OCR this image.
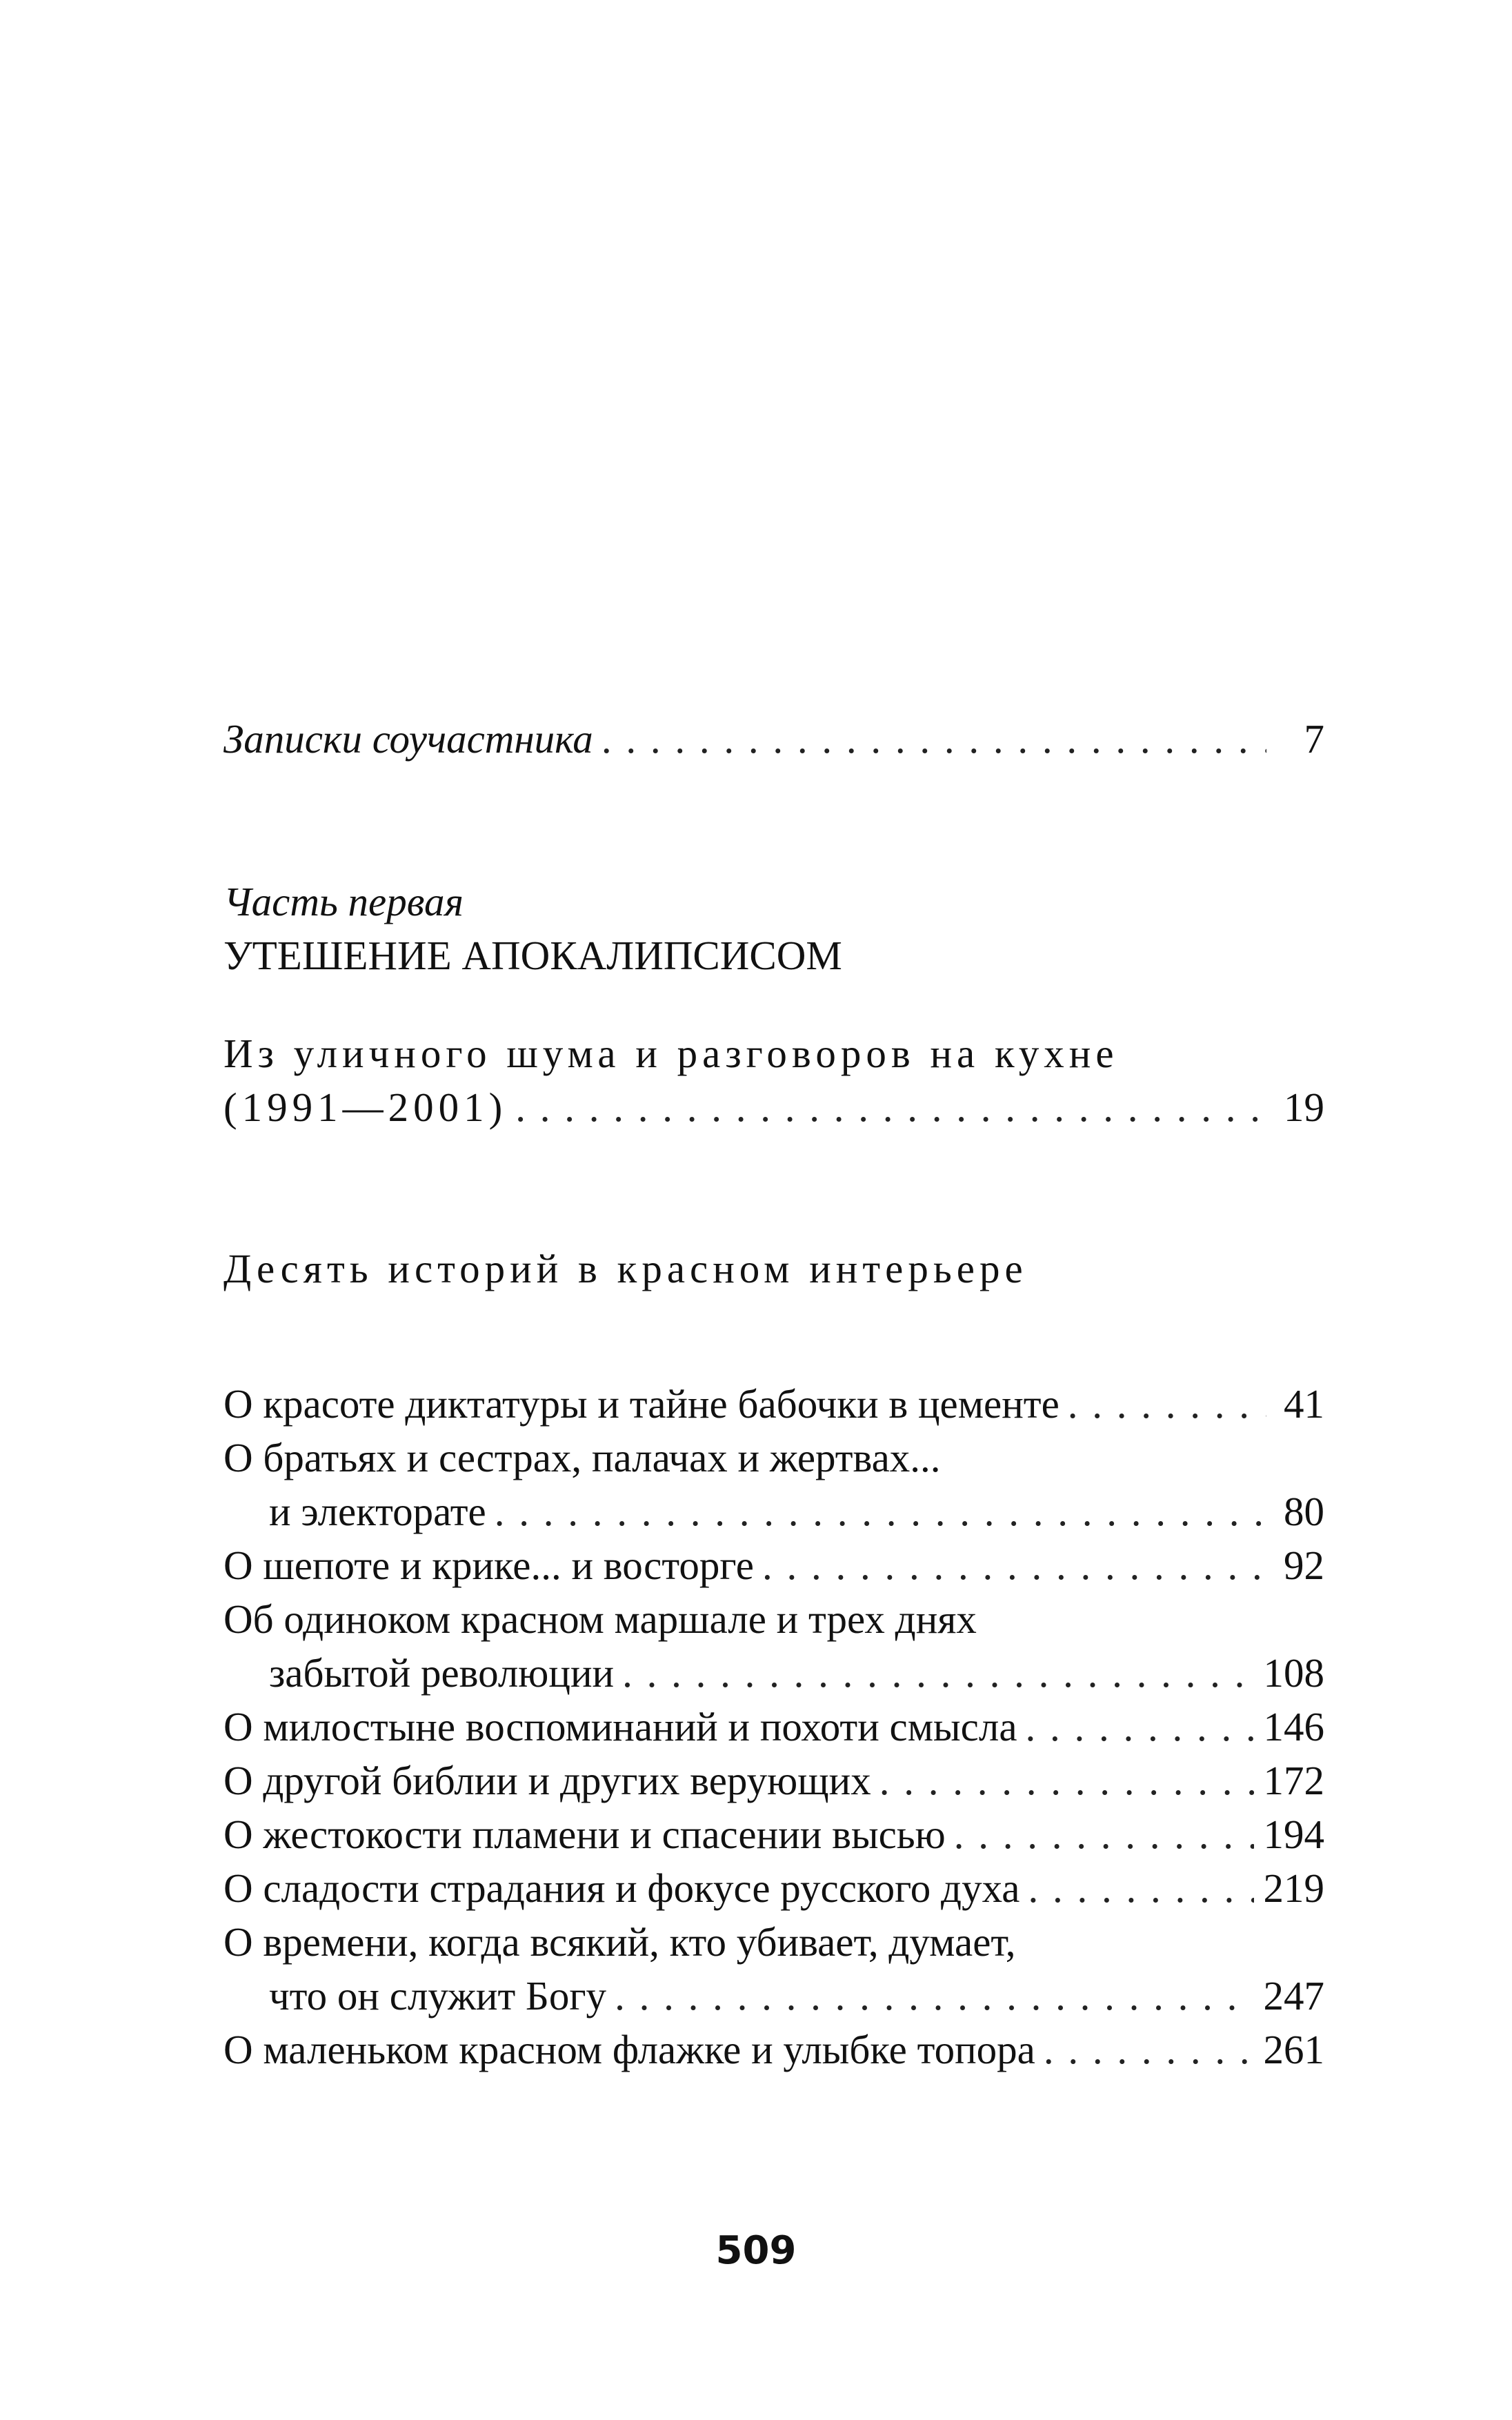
Записки соучастника . . .	7
Часть первая
УТЕШЕНИЕ АПОКАЛИПСИСОМ
Из уличного шума и разговоров на кухне
(1991—2001) . . .	19
Десять историй в красном интерьере
О красоте диктатуры и тайне бабочки в цементе . . .	41
О братьях и сестрах, палачах и жертвах...
и электорате . . .	80
О шепоте и крике... и восторге . . .	92
Об одиноком красном маршале и трех днях
забытой революции . . .	108
О милостыне воспоминаний и похоти смысла . . .	146
О другой библии и других верующих . . .	172
О жестокости пламени и спасении высью . . .	194
О сладости страдания и фокусе русского духа . . .	219
О времени, когда всякий, кто убивает, думает,
что он служит Богу . . .	247
О маленьком красном флажке и улыбке топора . . .	261
509
